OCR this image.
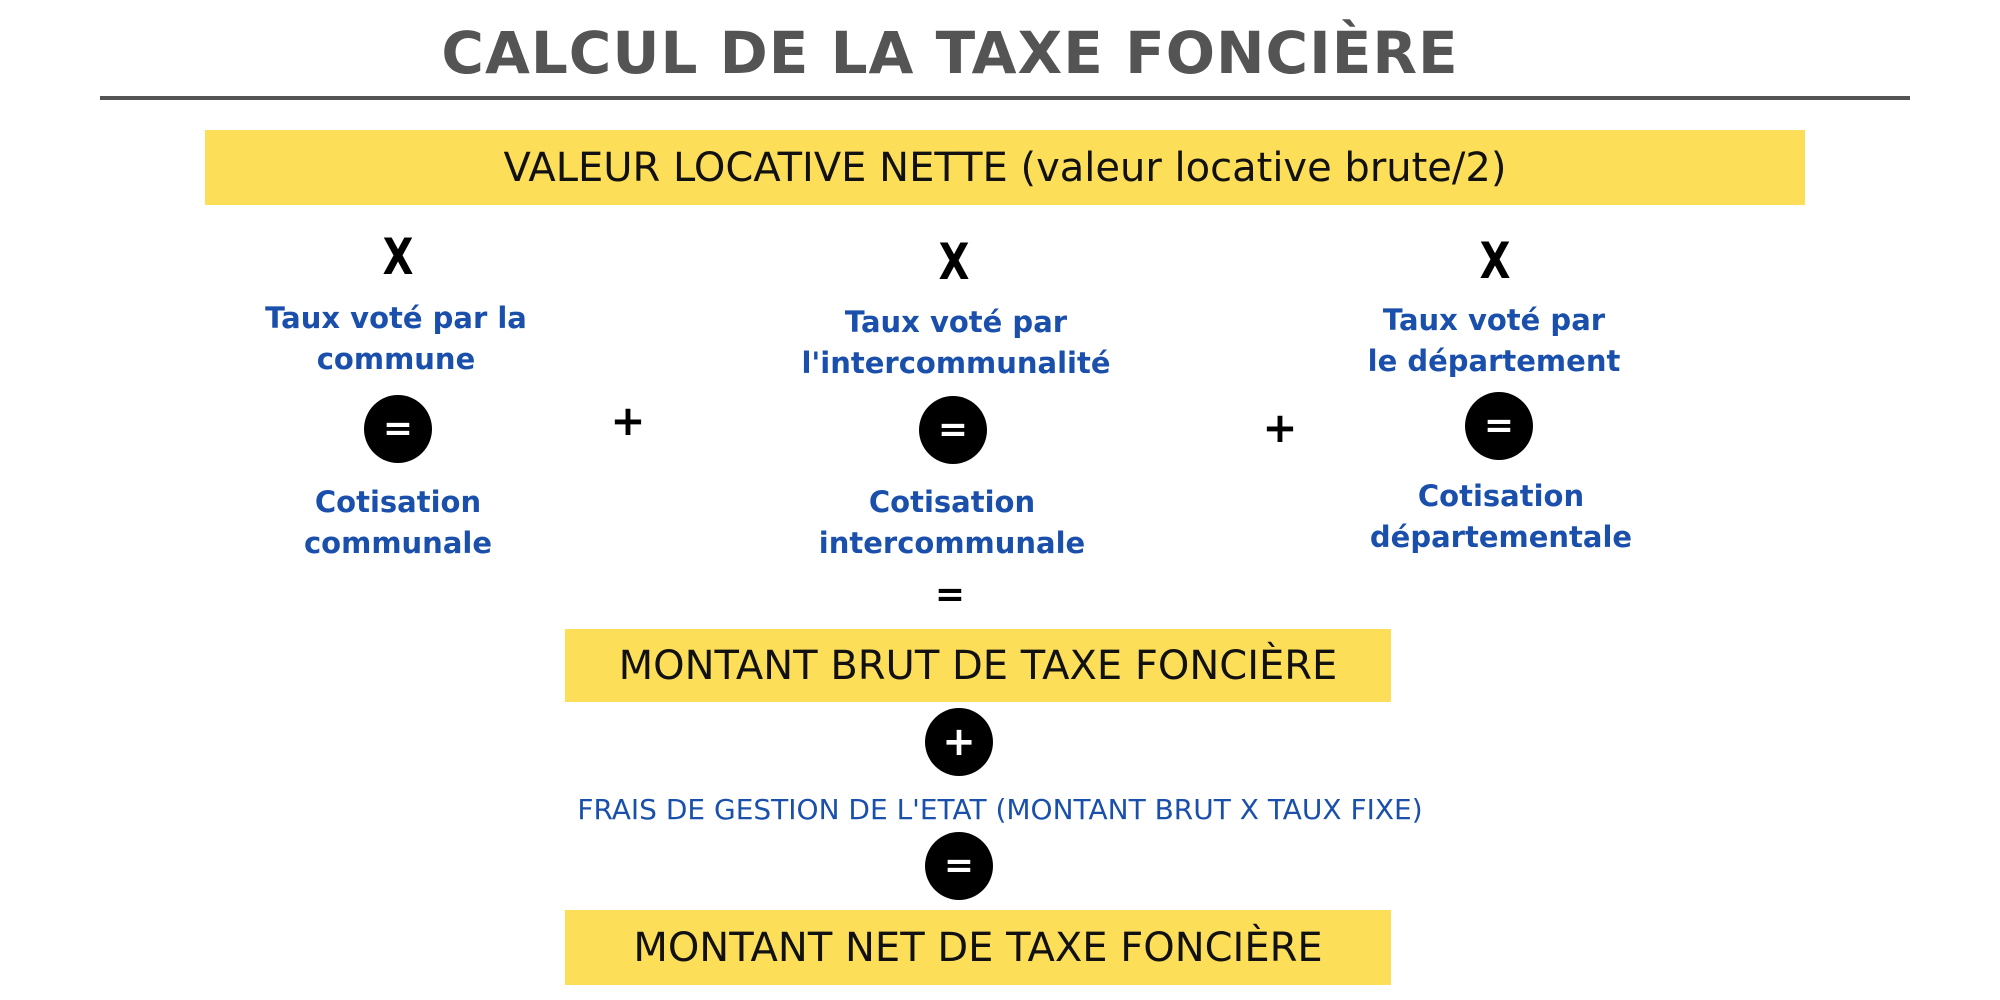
CALCUL DE LA TAXE FONCIÈRE
VALEUR LOCATIVE NETTE (valeur locative brute/2)
X
Taux voté par la
commune
=
Cotisation
communale
+
X
Taux voté par
l'intercommunalité
=
Cotisation
intercommunale
+
X
Taux voté par
le département
=
Cotisation
départementale
=
MONTANT BRUT DE TAXE FONCIÈRE
+
FRAIS DE GESTION DE L'ETAT (MONTANT BRUT X TAUX FIXE)
=
MONTANT NET DE TAXE FONCIÈRE
